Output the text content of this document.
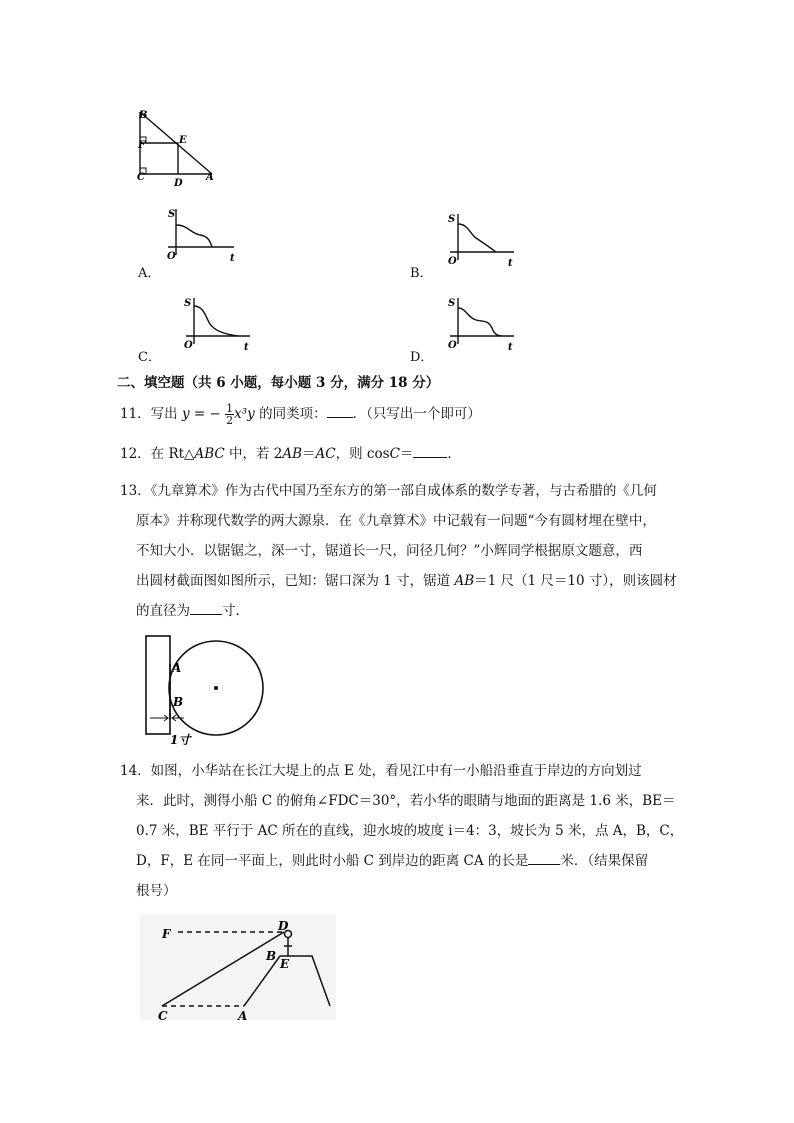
B
E
F
C
D
A
A．
S
O	t
B．
S
O	t
C．
S
O	t
D．
S
O	t
二、填空题（共 6 小题，每小题 3 分，满分 18 分）
11．写出 y = − $\frac{1}{2} x^3y$ 的同类项： ．（只写出一个即可）
12．在 Rt△ABC 中，若 2AB＝AC，则 cosC＝	．
13．《九章算术》作为古代中国乃至东方的第一部自成体系的数学专著，与古希腊的《几何
原本》并称现代数学的两大源泉．在《九章算术》中记载有一问题“今有圆材埋在壁中，
不知大小．以锯锯之，深一寸，锯道长一尺，问径几何？”小辉同学根据原文题意，西
出圆材截面图如图所示，已知：锯口深为 1 寸，锯道 AB＝1 尺（1 尺＝10 寸），则该圆材
的直径为 寸．
A
B
1寸
14．如图，小华站在长江大堤上的点 E 处，看见江中有一小船沿垂直于岸边的方向划过
来．此时，测得小船 C 的俯角∠FDC＝30°，若小华的眼睛与地面的距离是 1.6 米，BE＝
0.7 米，BE 平行于 AC 所在的直线，迎水坡的坡度 i＝4：3，坡长为 5 米，点 A，B，C，
D，F，E 在同一平面上，则此时小船 C 到岸边的距离 CA 的长是 米．（结果保留
根号）
D
F
B
E
C	A
